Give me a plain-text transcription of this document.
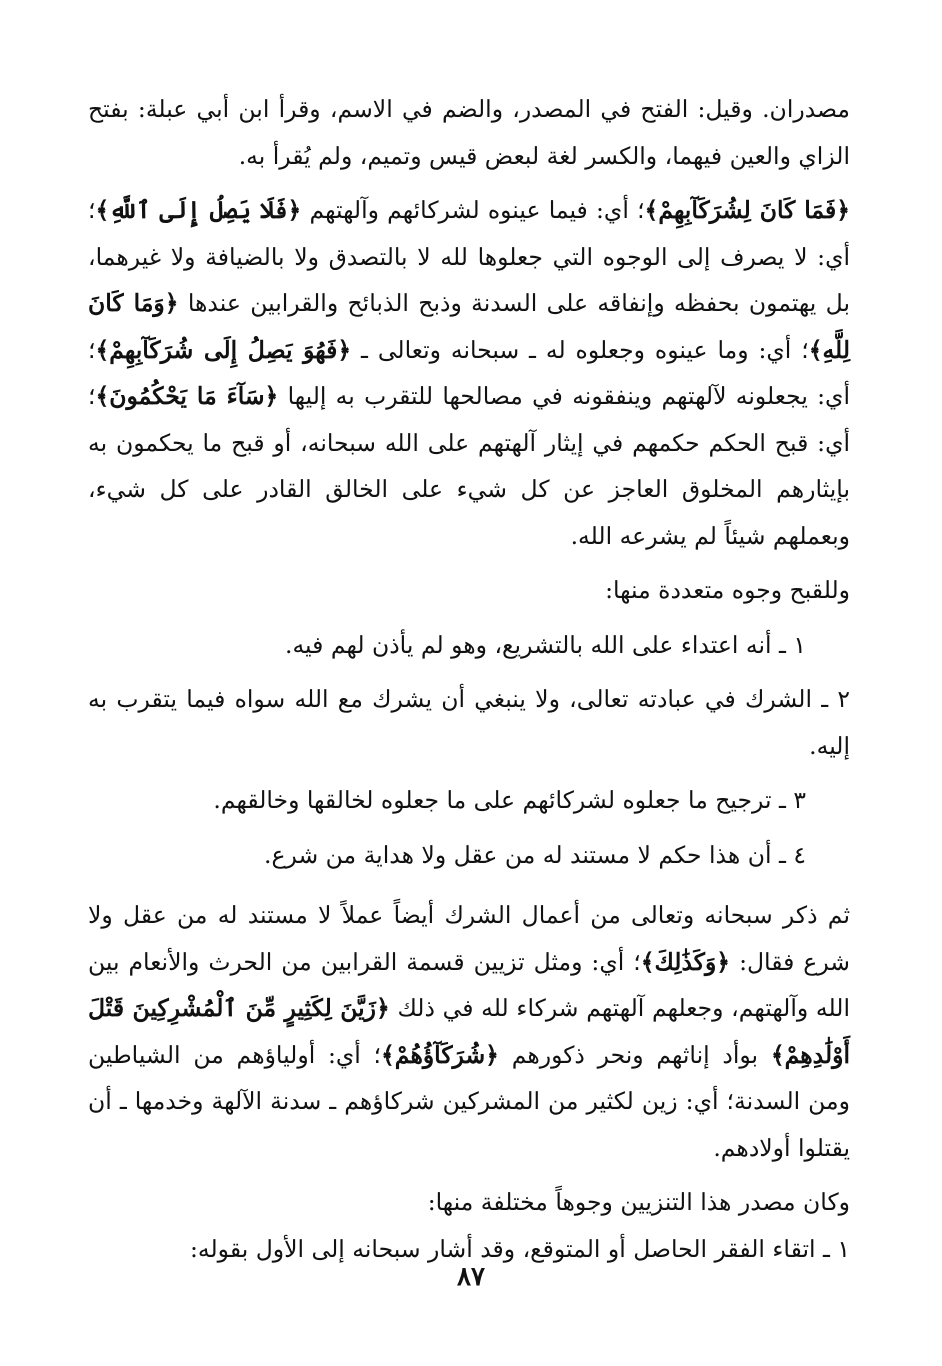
مصدران. وقيل: الفتح في المصدر، والضم في الاسم، وقرأ ابن أبي عبلة: بفتح الزاي والعين فيهما، والكسر لغة لبعض قيس وتميم، ولم يُقرأ به.

﴿فَمَا كَانَ لِشُرَكَآبِهِمْ﴾؛ أي: فيما عينوه لشركائهم وآلهتهم ﴿فَلَا يَصِلُ إِلَى ٱللَّهِ﴾؛ أي: لا يصرف إلى الوجوه التي جعلوها لله لا بالتصدق ولا بالضيافة ولا غيرهما، بل يهتمون بحفظه وإنفاقه على السدنة وذبح الذبائح والقرابين عندها ﴿وَمَا كَانَ لِلَّهِ﴾؛ أي: وما عينوه وجعلوه له ـ سبحانه وتعالى ـ ﴿فَهُوَ يَصِلُ إِلَى شُرَكَآبِهِمْ﴾؛ أي: يجعلونه لآلهتهم وينفقونه في مصالحها للتقرب به إليها ﴿سَآءَ مَا يَحْكُمُونَ﴾؛ أي: قبح الحكم حكمهم في إيثار آلهتهم على الله سبحانه، أو قبح ما يحكمون به بإيثارهم المخلوق العاجز عن كل شيء على الخالق القادر على كل شيء، وبعملهم شيئاً لم يشرعه الله.

وللقبح وجوه متعددة منها:

١ ـ أنه اعتداء على الله بالتشريع، وهو لم يأذن لهم فيه.

٢ ـ الشرك في عبادته تعالى، ولا ينبغي أن يشرك مع الله سواه فيما يتقرب به إليه.

٣ ـ ترجيح ما جعلوه لشركائهم على ما جعلوه لخالقها وخالقهم.

٤ ـ أن هذا حكم لا مستند له من عقل ولا هداية من شرع.

ثم ذكر سبحانه وتعالى من أعمال الشرك أيضاً عملاً لا مستند له من عقل ولا شرع فقال: ﴿وَكَذَٰلِكَ﴾؛ أي: ومثل تزيين قسمة القرابين من الحرث والأنعام بين الله وآلهتهم، وجعلهم آلهتهم شركاء لله في ذلك ﴿زَيَّنَ لِكَثِيرٍ مِّنَ ٱلْمُشْرِكِينَ قَتْلَ أَوْلَٰدِهِمْ﴾ بوأد إناثهم ونحر ذكورهم ﴿شُرَكَآؤُهُمْ﴾؛ أي: أولياؤهم من الشياطين ومن السدنة؛ أي: زين لكثير من المشركين شركاؤهم ـ سدنة الآلهة وخدمها ـ أن يقتلوا أولادهم.

وكان مصدر هذا التنزيين وجوهاً مختلفة منها:

١ ـ اتقاء الفقر الحاصل أو المتوقع، وقد أشار سبحانه إلى الأول بقوله:

٨٧
